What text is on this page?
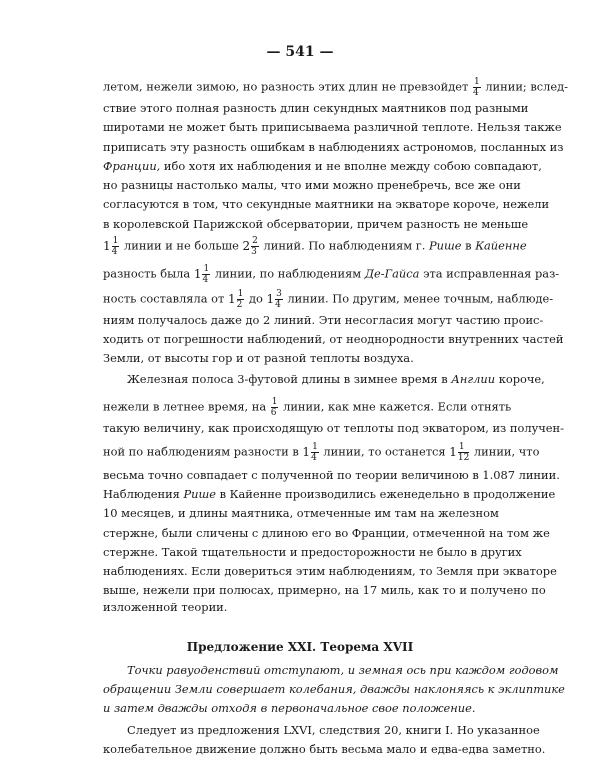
— 541 —
летом, нежели зимою, но разность этих длин не превзойдет $\frac{1}{4}$ линии; вслед-
ствие этого полная разность длин секундных маятников под разными
широтами не может быть приписываема различной теплоте. Нельзя также
приписать эту разность ошибкам в наблюдениях астрономов, посланных из
Франции, ибо хотя их наблюдения и не вполне между собою совпадают,
но разницы настолько малы, что ими можно пренебречь, все же они
согласуются в том, что секундные маятники на экваторе короче, нежели
в королевской Парижской обсерватории, причем разность не меньше
$1 \frac{1}{4}$ линии и не больше $2 \frac{2}{3}$ линий. По наблюдениям г. Рише в Кайенне
разность была $1 \frac{1}{4}$ линии, по наблюдениям Де-Гайса эта исправленная раз-
ность составляла от $1 \frac{1}{2}$ до $1 \frac{3}{4}$ линии. По другим, менее точным, наблюде-
ниям получалось даже до 2 линий. Эти несогласия могут частию проис-
ходить от погрешности наблюдений, от неоднородности внутренних частей
Земли, от высоты гор и от разной теплоты воздуха.
Железная полоса 3-футовой длины в зимнее время в Англии короче,
нежели в летнее время, на $\frac{1}{6}$ линии, как мне кажется. Если отнять
такую величину, как происходящую от теплоты под экватором, из получен-
ной по наблюдениям разности в $1 \frac{1}{4}$ линии, то останется $1 \frac{1}{12}$ линии, что
весьма точно совпадает с полученной по теории величиною в 1.087 линии.
Наблюдения Рише в Кайенне производились еженедельно в продолжение
10 месяцев, и длины маятника, отмеченные им там на железном
стержне, были сличены с длиною его во Франции, отмеченной на том же
стержне. Такой тщательности и предосторожности не было в других
наблюдениях. Если довериться этим наблюдениям, то Земля при экваторе
выше, нежели при полюсах, примерно, на 17 миль, как то и получено по
изложенной теории.
Предложение XXI. Теорема XVII
Точки равуоденствий отступают, и земная ось при каждом годовом
обращении Земли совершает колебания, дважды наклоняясь к эклиптике
и затем дважды отходя в первоначальное свое положение.
Следует из предложения LXVI, следствия 20, книги I. Но указанное
колебательное движение должно быть весьма мало и едва-едва заметно.
